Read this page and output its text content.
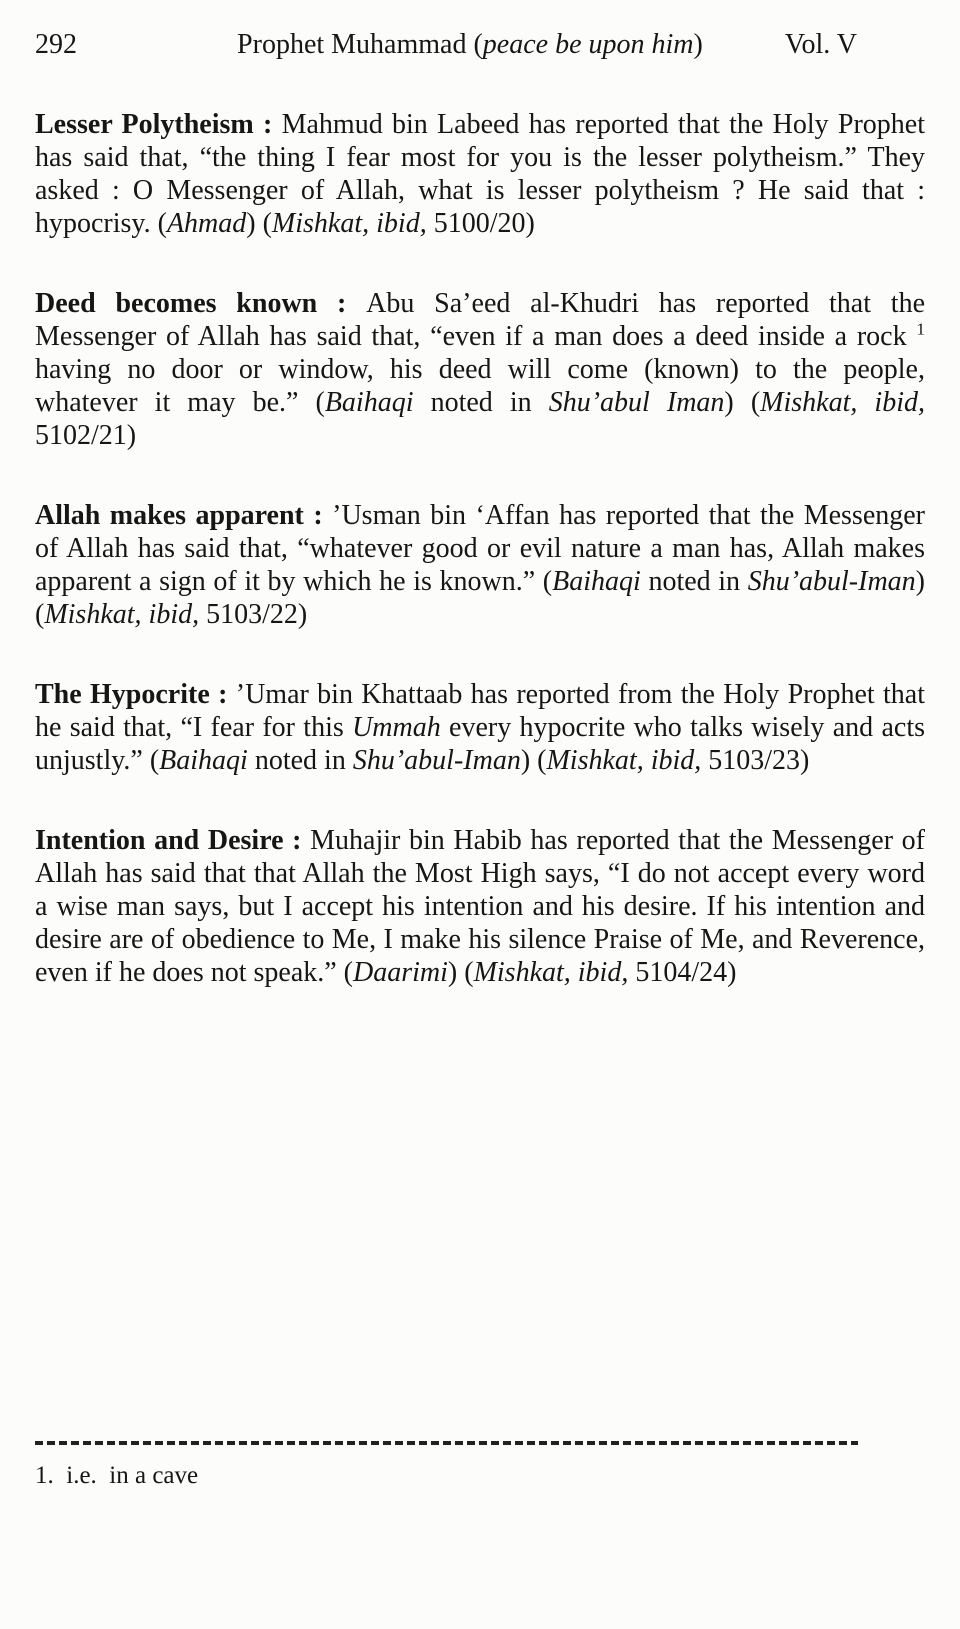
292	Prophet Muhammad (peace be upon him)	Vol. V

Lesser Polytheism : Mahmud bin Labeed has reported that the Holy Prophet has said that, “the thing I fear most for you is the lesser polytheism.” They asked : O Messenger of Allah, what is lesser polytheism ? He said that : hypocrisy. (Ahmad) (Mishkat, ibid, 5100/20)

Deed becomes known : Abu Sa’eed al-Khudri has reported that the Messenger of Allah has said that, “even if a man does a deed inside a rock $^1$ having no door or window, his deed will come (known) to the people, whatever it may be.” (Baihaqi noted in Shu’abul Iman) (Mishkat, ibid, 5102/21)

Allah makes apparent : ’Usman bin ‘Affan has reported that the Messenger of Allah has said that, “whatever good or evil nature a man has, Allah makes apparent a sign of it by which he is known.” (Baihaqi noted in Shu’abul-Iman) (Mishkat, ibid, 5103/22)

The Hypocrite : ’Umar bin Khattaab has reported from the Holy Prophet that he said that, “I fear for this Ummah every hypocrite who talks wisely and acts unjustly.” (Baihaqi noted in Shu’abul-Iman) (Mishkat, ibid, 5103/23)

Intention and Desire : Muhajir bin Habib has reported that the Messenger of Allah has said that that Allah the Most High says, “I do not accept every word a wise man says, but I accept his intention and his desire. If his intention and desire are of obedience to Me, I make his silence Praise of Me, and Reverence, even if he does not speak.” (Daarimi) (Mishkat, ibid, 5104/24)

1.  i.e.  in a cave
